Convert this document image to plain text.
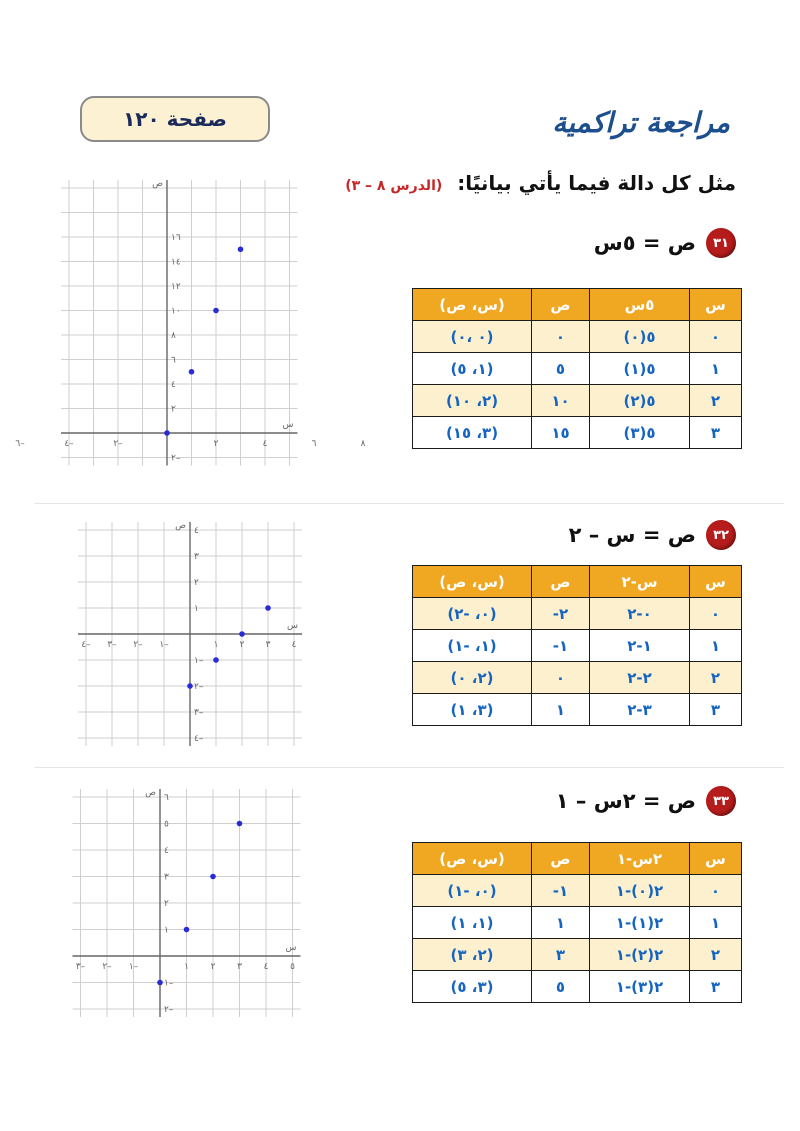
صفحة ١٢٠	مراجعة تراكمية
مثل كل دالة فيما يأتي بيانيًا: (الدرس ٨ – ٣)
٣١
ص = ٥س
س	٥س	ص	(س، ص)
٠	٥(٠)	٠	(٠ ،٠)
١	٥(١)	٥	(١، ٥)
٢	٥(٢)	١٠	(٢، ١٠)
٣	٥(٣)	١٥	(٣، ١٥)
٦–	٤–	٢–	٢	٤	٦	٨
٢–
٢
٤
٦
٨
١٠
١٢
١٤
١٦
س
ص
٣٢
ص = س – ٢
س	س-٢	ص	(س، ص)
٠	٠-٢	٢-	(٠، -٢)
١	١-٢	١-	(١، -١)
٢	٢-٢	٠	(٢، ٠)
٣	٣-٢	١	(٣، ١)
٤– ٣– ٢– ١–	١ ٢ ٣ ٤
٤–
٣–
٢–
١–
١
٢
٣
٤
س
ص
٣٣
ص = ٢س – ١
س	٢س-١	ص	(س، ص)
٠	٢(٠)-١	١-	(٠، -١)
١	٢(١)-١	١	(١، ١)
٢	٢(٢)-١	٣	(٢، ٣)
٣	٢(٣)-١	٥	(٣، ٥)
٣– ٢– ١–	١ ٢ ٣ ٤ ٥
٢–
١–
١
٢
٣
٤
٥
٦
س
ص
